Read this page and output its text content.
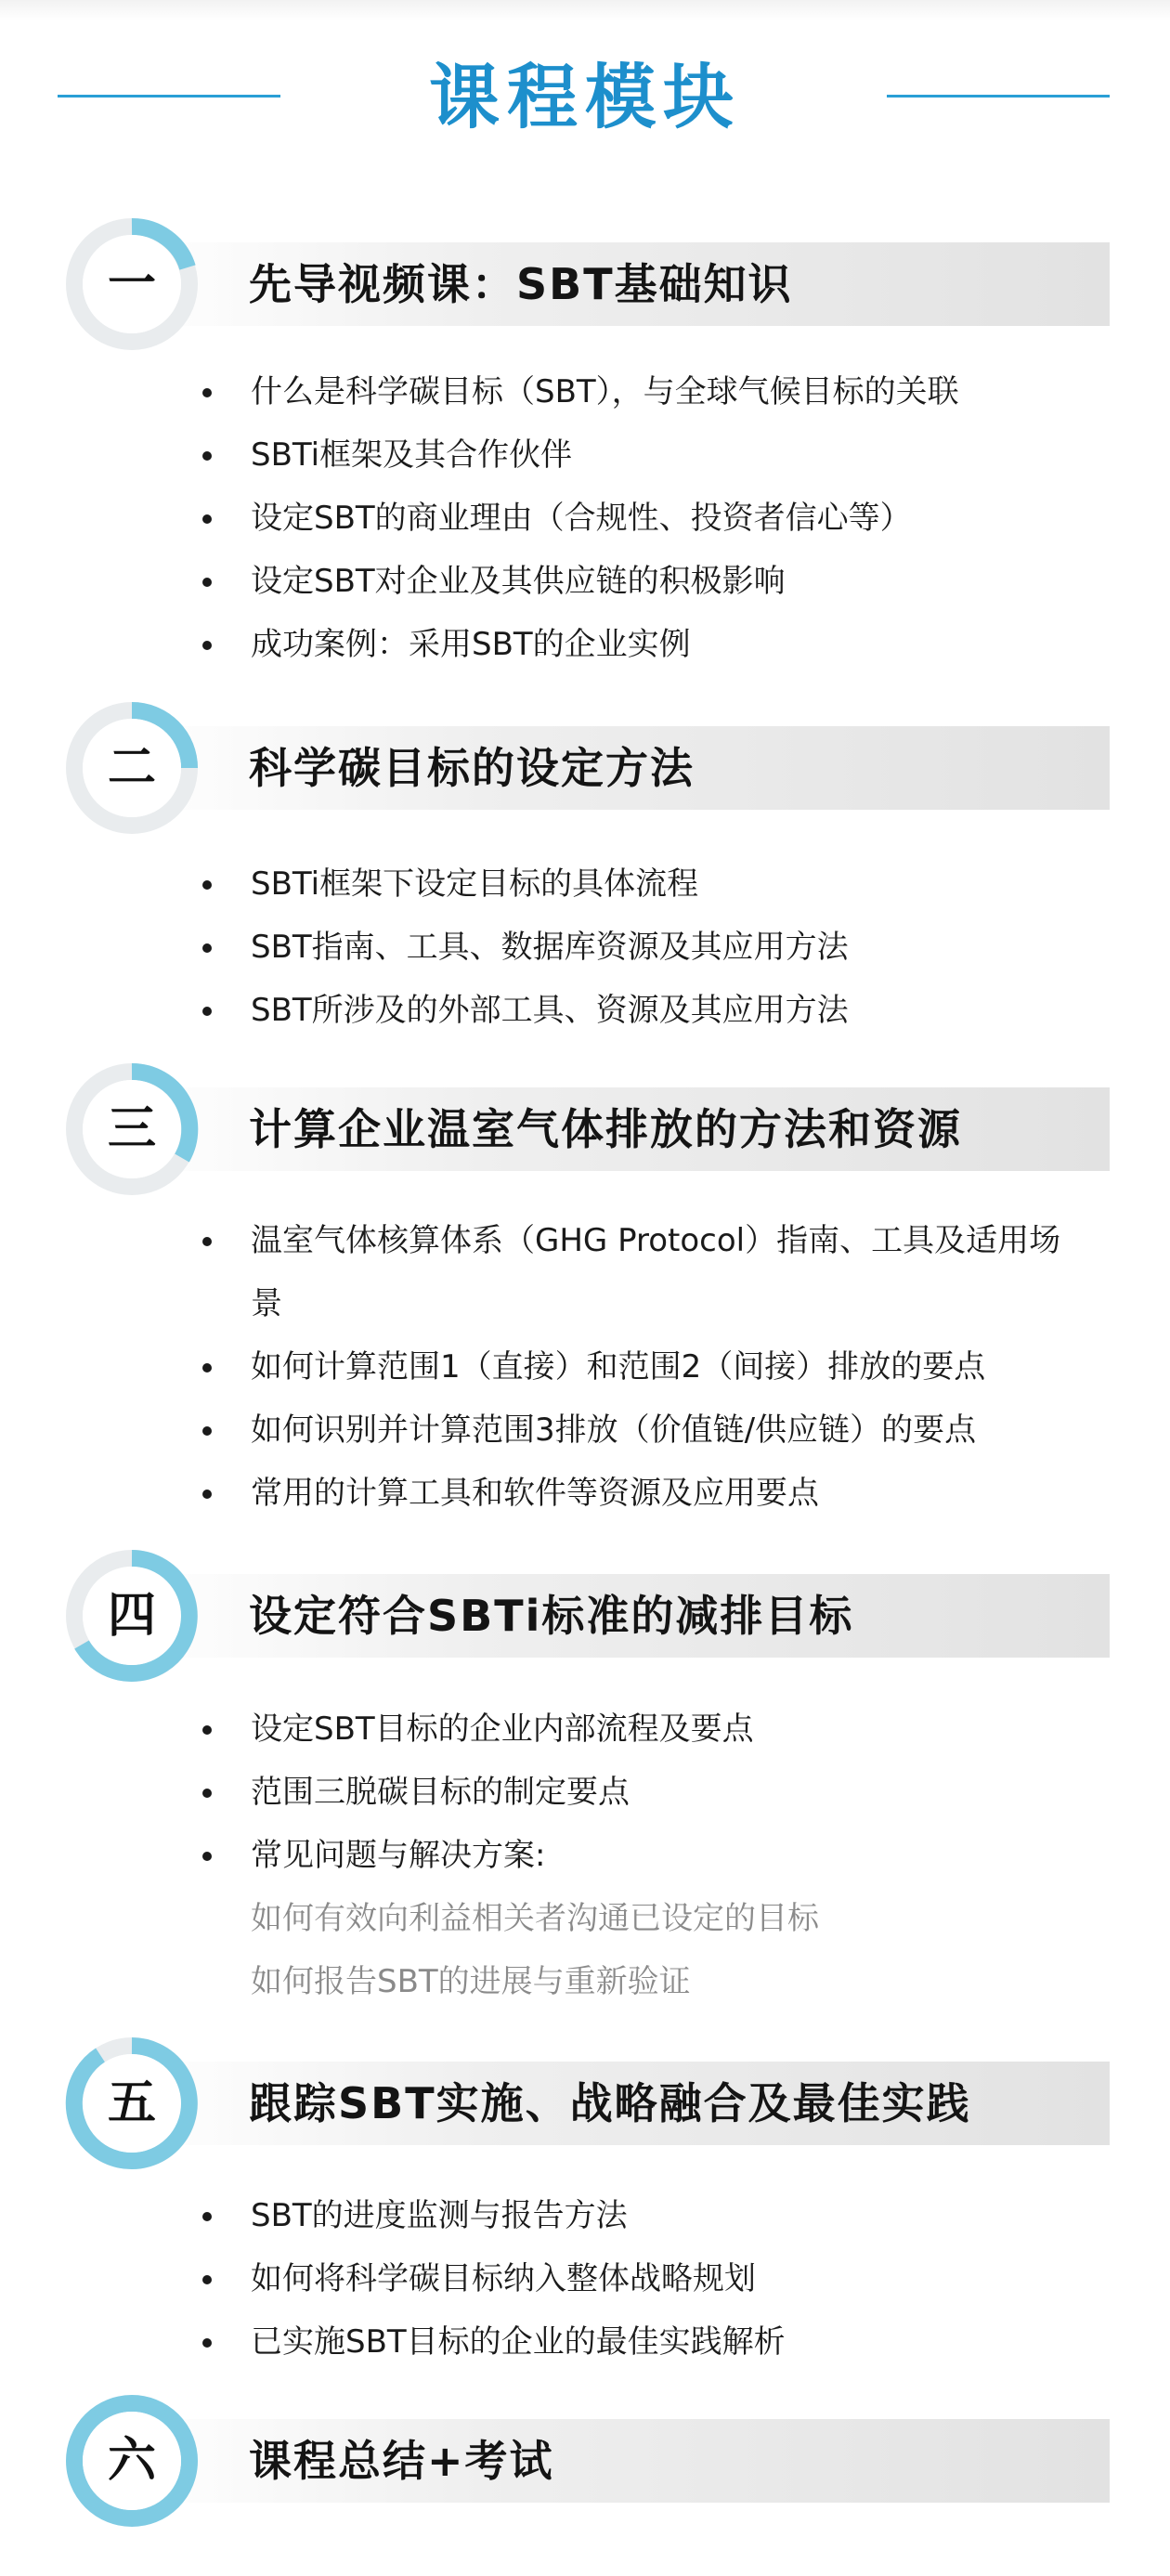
课程模块
一	先导视频课：SBT基础知识
什么是科学碳目标（SBT），与全球气候目标的关联
SBTi框架及其合作伙伴
设定SBT的商业理由（合规性、投资者信心等）
设定SBT对企业及其供应链的积极影响
成功案例：采用SBT的企业实例
二	科学碳目标的设定方法
SBTi框架下设定目标的具体流程
SBT指南、工具、数据库资源及其应用方法
SBT所涉及的外部工具、资源及其应用方法
三	计算企业温室气体排放的方法和资源
温室气体核算体系（GHG Protocol）指南、工具及适用场景
如何计算范围1（直接）和范围2（间接）排放的要点
如何识别并计算范围3排放（价值链/供应链）的要点
常用的计算工具和软件等资源及应用要点
四	设定符合SBTi标准的减排目标
设定SBT目标的企业内部流程及要点
范围三脱碳目标的制定要点
常见问题与解决方案:
如何有效向利益相关者沟通已设定的目标
如何报告SBT的进展与重新验证
五	跟踪SBT实施、战略融合及最佳实践
SBT的进度监测与报告方法
如何将科学碳目标纳入整体战略规划
已实施SBT目标的企业的最佳实践解析
六	课程总结+考试
